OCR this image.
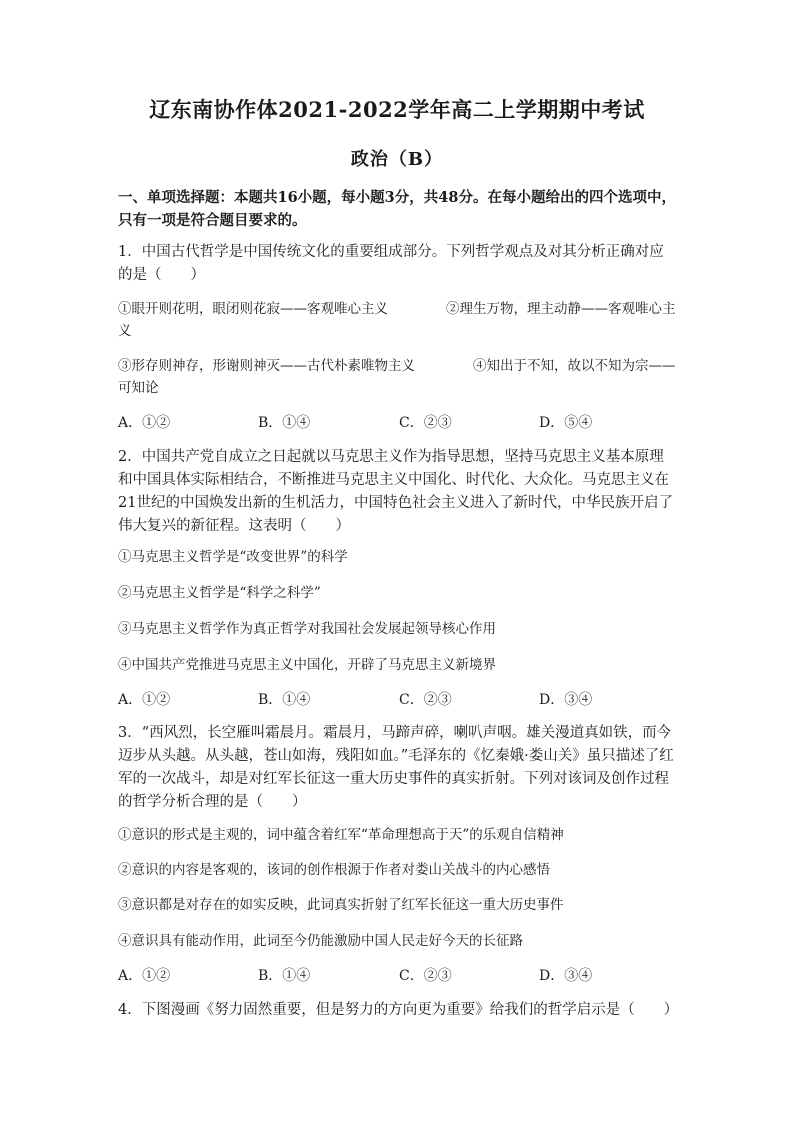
辽东南协作体2021-2022学年高二上学期期中考试
政治（B）
一、单项选择题：本题共16小题，每小题3分，共48分。在每小题给出的四个选项中，只有一项是符合题目要求的。
1．中国古代哲学是中国传统文化的重要组成部分。下列哲学观点及对其分析正确对应的是（　　）
①眼开则花明，眼闭则花寂——客观唯心主义	②理生万物，理主动静——客观唯心主义
③形存则神存，形谢则神灭——古代朴素唯物主义	④知出于不知，故以不知为宗——可知论
A．①②	B．①④	C．②③	D．⑤④
2．中国共产党自成立之日起就以马克思主义作为指导思想，坚持马克思主义基本原理和中国具体实际相结合，不断推进马克思主义中国化、时代化、大众化。马克思主义在21世纪的中国焕发出新的生机活力，中国特色社会主义进入了新时代，中华民族开启了伟大复兴的新征程。这表明（　　）
①马克思主义哲学是“改变世界”的科学
②马克思主义哲学是“科学之科学”
③马克思主义哲学作为真正哲学对我国社会发展起领导核心作用
④中国共产党推进马克思主义中国化，开辟了马克思主义新境界
A．①②	B．①④	C．②③	D．③④
3．“西风烈，长空雁叫霜晨月。霜晨月，马蹄声碎，喇叭声咽。雄关漫道真如铁，而今迈步从头越。从头越，苍山如海，残阳如血。”毛泽东的《忆秦娥·娄山关》虽只描述了红军的一次战斗，却是对红军长征这一重大历史事件的真实折射。下列对该词及创作过程的哲学分析合理的是（　　）
①意识的形式是主观的，词中蕴含着红军“革命理想高于天”的乐观自信精神
②意识的内容是客观的，该词的创作根源于作者对娄山关战斗的内心感悟
③意识都是对存在的如实反映，此词真实折射了红军长征这一重大历史事件
④意识具有能动作用，此词至今仍能激励中国人民走好今天的长征路
A．①②	B．①④	C．②③	D．③④
4．下图漫画《努力固然重要，但是努力的方向更为重要》给我们的哲学启示是（　　）
